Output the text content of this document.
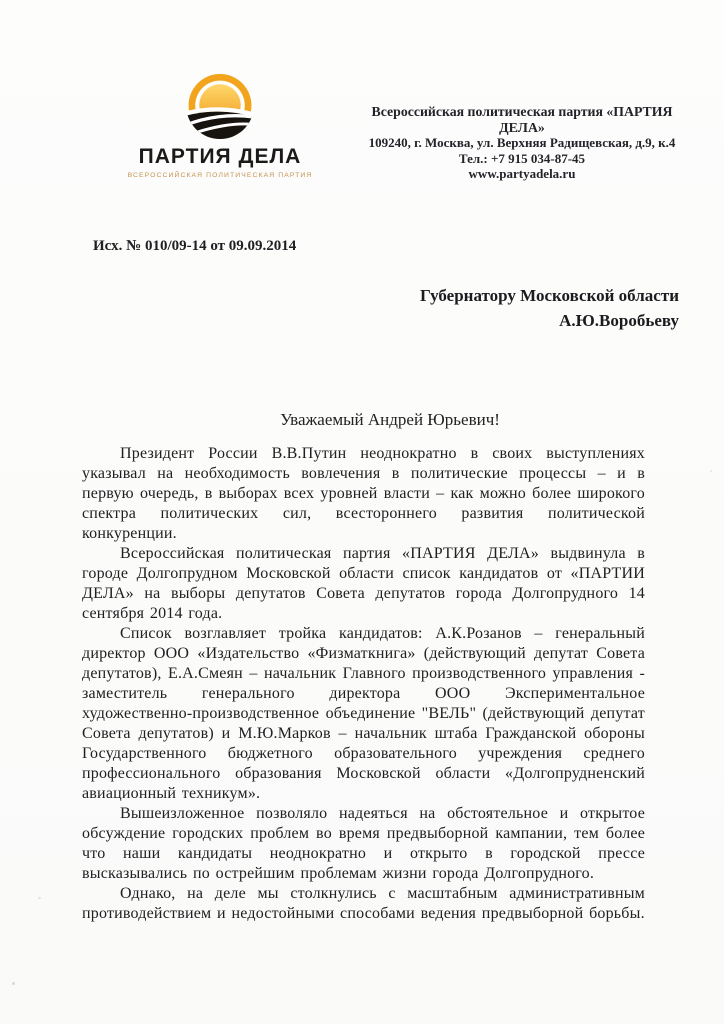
ПАРТИЯ ДЕЛА
ВСЕРОССИЙСКАЯ ПОЛИТИЧЕСКАЯ ПАРТИЯ
Всероссийская политическая партия «ПАРТИЯ ДЕЛА»
109240, г. Москва, ул. Верхняя Радищевская, д.9, к.4
Тел.: +7 915 034-87-45
www.partyadela.ru
Исх. № 010/09-14 от 09.09.2014
Губернатору Московской области
А.Ю.Воробьеву
Уважаемый Андрей Юрьевич!

Президент России В.В.Путин неоднократно в своих выступлениях указывал на необходимость вовлечения в политические процессы – и в первую очередь, в выборах всех уровней власти – как можно более широкого спектра политических сил, всестороннего развития политической конкуренции.

Всероссийская политическая партия «ПАРТИЯ ДЕЛА» выдвинула в городе Долгопрудном Московской области список кандидатов от «ПАРТИИ ДЕЛА» на выборы депутатов Совета депутатов города Долгопрудного 14 сентября 2014 года.

Список возглавляет тройка кандидатов: А.К.Розанов – генеральный директор ООО «Издательство «Физматкнига» (действующий депутат Совета депутатов), Е.А.Смеян – начальник Главного производственного управления - заместитель генерального директора ООО Экспериментальное художественно-производственное объединение "ВЕЛЬ" (действующий депутат Совета депутатов) и М.Ю.Марков – начальник штаба Гражданской обороны Государственного бюджетного образовательного учреждения среднего профессионального образования Московской области «Долгопрудненский авиационный техникум».

Вышеизложенное позволяло надеяться на обстоятельное и открытое обсуждение городских проблем во время предвыборной кампании, тем более что наши кандидаты неоднократно и открыто в городской прессе высказывались по острейшим проблемам жизни города Долгопрудного.

Однако, на деле мы столкнулись с масштабным административным противодействием и недостойными способами ведения предвыборной борьбы.
